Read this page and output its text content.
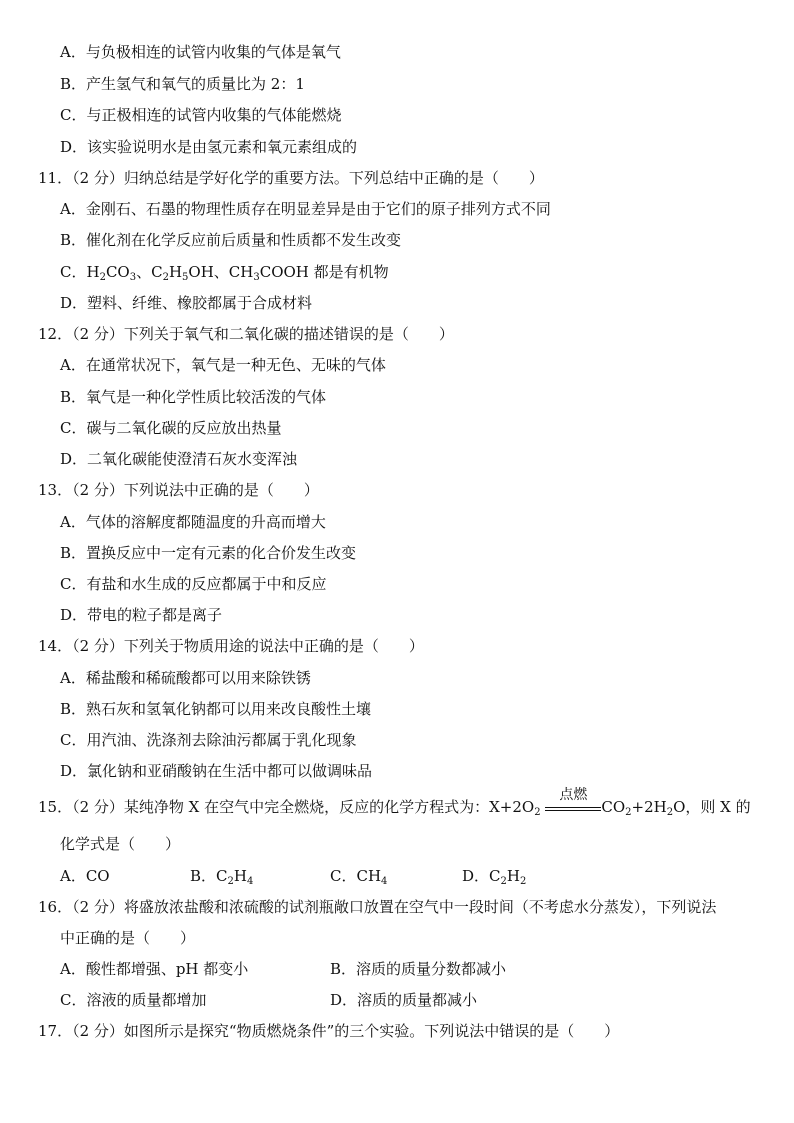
A．与负极相连的试管内收集的气体是氧气
B．产生氢气和氧气的质量比为 2：1
C．与正极相连的试管内收集的气体能燃烧
D．该实验说明水是由氢元素和氧元素组成的
11．（2 分）归纳总结是学好化学的重要方法。下列总结中正确的是（　　）
A．金刚石、石墨的物理性质存在明显差异是由于它们的原子排列方式不同
B．催化剂在化学反应前后质量和性质都不发生改变
C．$H_2CO_3$、$C_2H_5OH$、$CH_3COOH$ 都是有机物
D．塑料、纤维、橡胶都属于合成材料
12．（2 分）下列关于氧气和二氧化碳的描述错误的是（　　）
A．在通常状况下，氧气是一种无色、无味的气体
B．氧气是一种化学性质比较活泼的气体
C．碳与二氧化碳的反应放出热量
D．二氧化碳能使澄清石灰水变浑浊
13．（2 分）下列说法中正确的是（　　）
A．气体的溶解度都随温度的升高而增大
B．置换反应中一定有元素的化合价发生改变
C．有盐和水生成的反应都属于中和反应
D．带电的粒子都是离子
14．（2 分）下列关于物质用途的说法中正确的是（　　）
A．稀盐酸和稀硫酸都可以用来除铁锈
B．熟石灰和氢氧化钠都可以用来改良酸性土壤
C．用汽油、洗涤剂去除油污都属于乳化现象
D．氯化钠和亚硝酸钠在生活中都可以做调味品
15．（2 分）某纯净物 X 在空气中完全燃烧，反应的化学方程式为：$X+2O_2$
点燃
$CO_2+2H_2O$，则 X 的
化学式是（　　）
A．CO	B．$C_2H_4$	C．$CH_4$	D．$C_2H_2$
16．（2 分）将盛放浓盐酸和浓硫酸的试剂瓶敞口放置在空气中一段时间（不考虑水分蒸发），下列说法
中正确的是（　　）
A．酸性都增强、pH 都变小	B．溶质的质量分数都减小
C．溶液的质量都增加	D．溶质的质量都减小
17．（2 分）如图所示是探究“物质燃烧条件”的三个实验。下列说法中错误的是（　　）
